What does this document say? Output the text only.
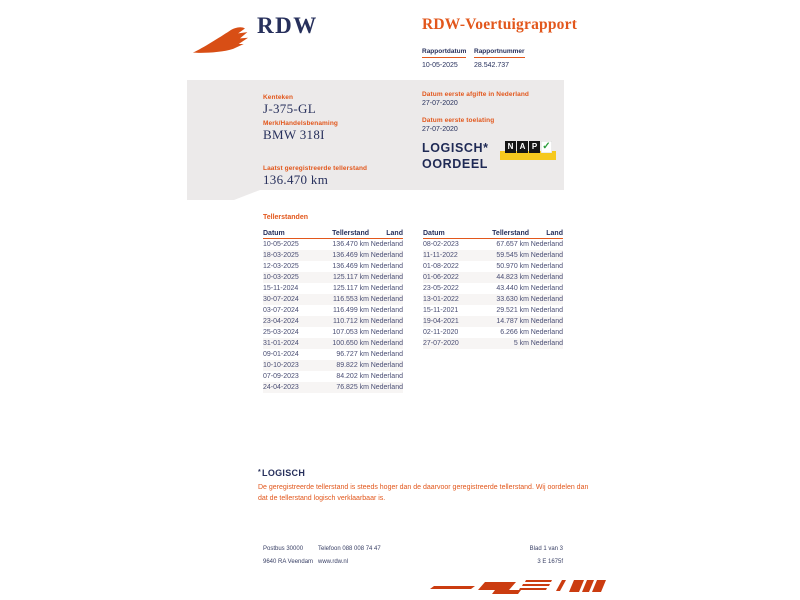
RDW	RDW-Voertuigrapport
Rapportdatum
10-05-2025
Rapportnummer
28.542.737
Kenteken
J-375-GL
Merk/Handelsbenaming
BMW 318I
Laatst geregistreerde tellerstand
136.470 km
Datum eerste afgifte in Nederland
27-07-2020
Datum eerste toelating
27-07-2020
LOGISCH*
OORDEEL
N A P ✓
Tellerstanden
Datum	Tellerstand	Land
10-05-2025	136.470 km Nederland
18-03-2025	136.469 km Nederland
12-03-2025	136.469 km Nederland
10-03-2025	125.117 km Nederland
15-11-2024	125.117 km Nederland
30-07-2024	116.553 km Nederland
03-07-2024	116.499 km Nederland
23-04-2024	110.712 km Nederland
25-03-2024	107.053 km Nederland
31-01-2024	100.650 km Nederland
09-01-2024	96.727 km Nederland
10-10-2023	89.822 km Nederland
07-09-2023	84.202 km Nederland
24-04-2023	76.825 km Nederland
Datum	Tellerstand	Land
08-02-2023	67.657 km Nederland
11-11-2022	59.545 km Nederland
01-08-2022	50.970 km Nederland
01-06-2022	44.823 km Nederland
23-05-2022	43.440 km Nederland
13-01-2022	33.630 km Nederland
15-11-2021	29.521 km Nederland
19-04-2021	14.787 km Nederland
02-11-2020	6.266 km Nederland
27-07-2020	5 km Nederland
*LOGISCH
De geregistreerde tellerstand is steeds hoger dan de daarvoor geregistreerde tellerstand. Wij oordelen dan dat de tellerstand logisch verklaarbaar is.
Postbus 30000
9640 RA Veendam
Telefoon 088 008 74 47
www.rdw.nl
Blad 1 van 3
3 E 1675f
